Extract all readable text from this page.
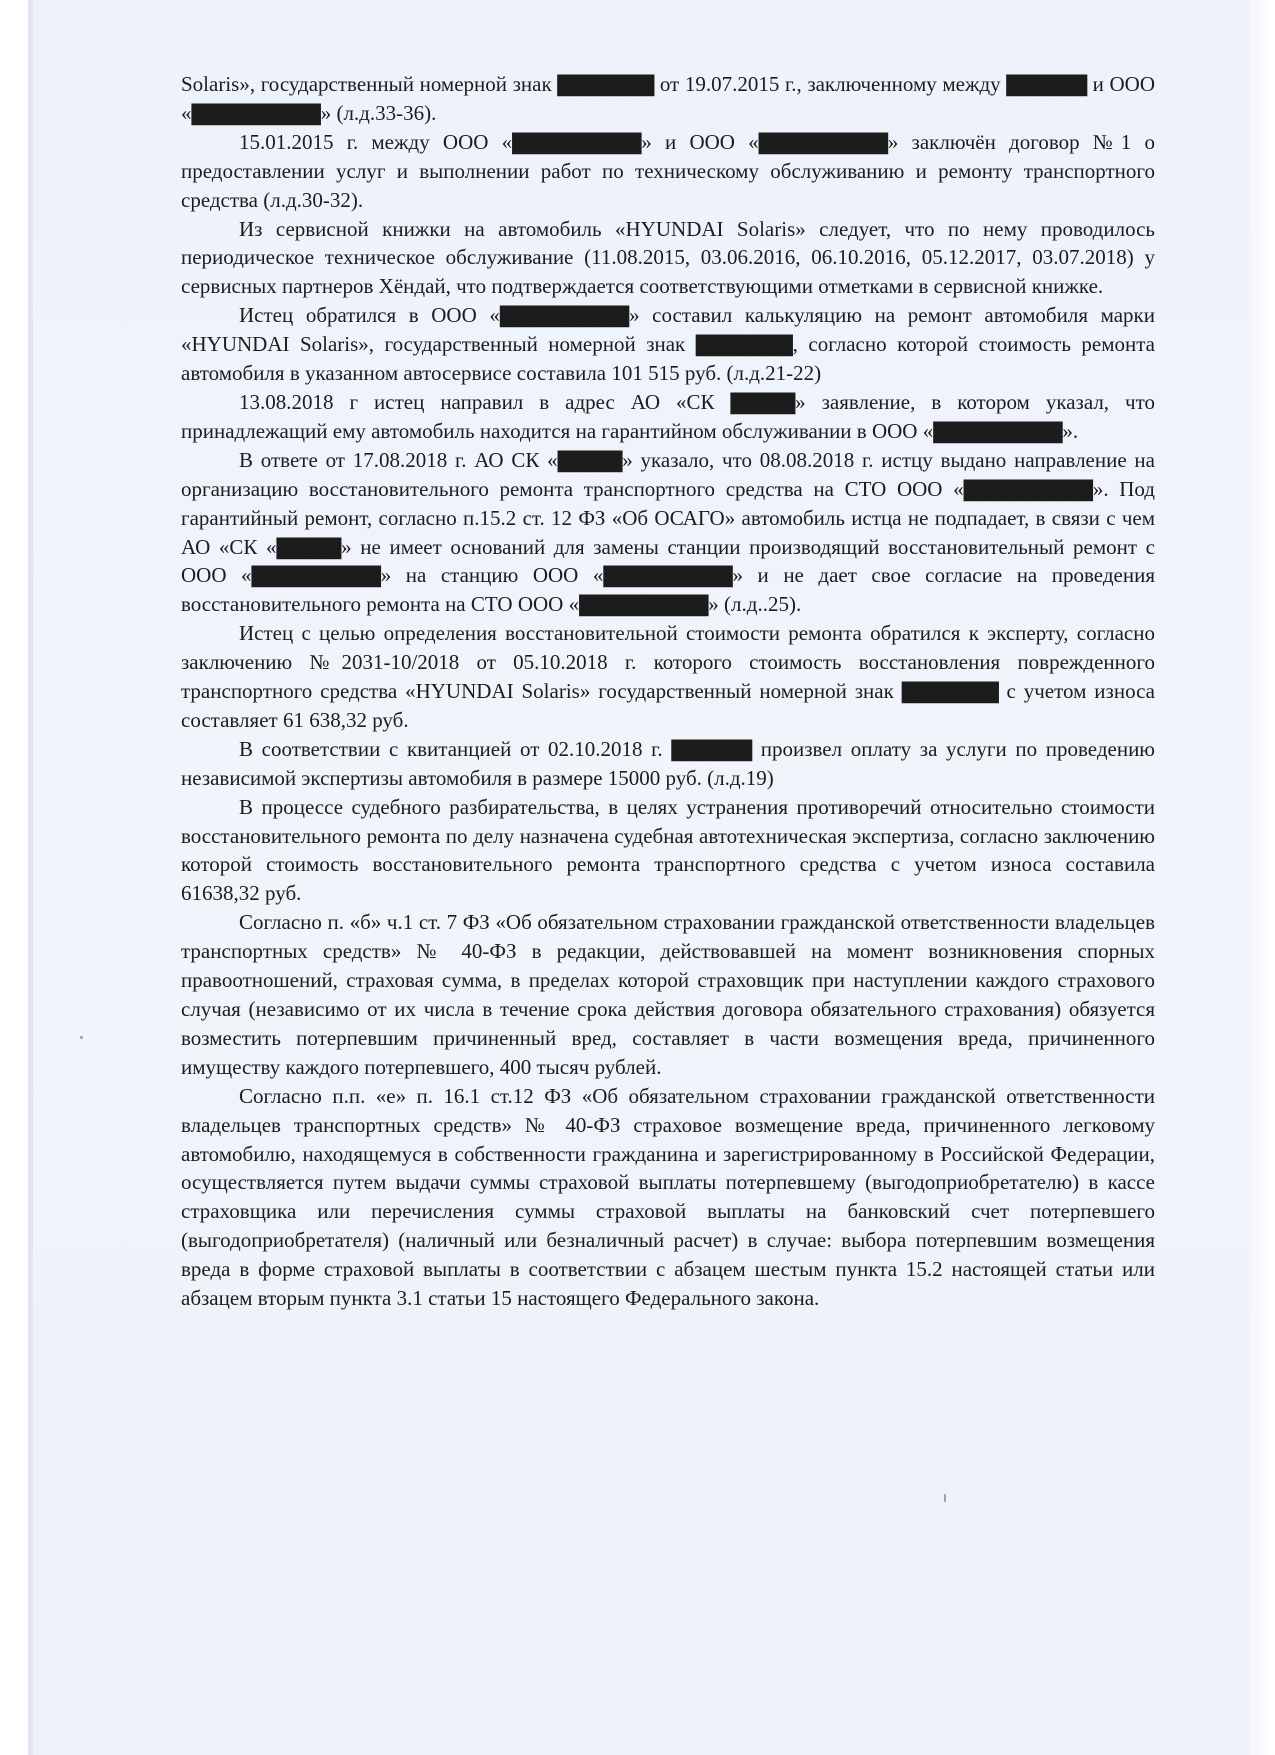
Solaris», государственный номерной знак ▇▇▇▇▇▇ от 19.07.2015 г., заключенному между ▇▇▇▇▇ и ООО «▇▇▇▇▇▇▇▇» (л.д.33-36).

15.01.2015 г. между ООО «▇▇▇▇▇▇▇▇» и ООО «▇▇▇▇▇▇▇▇» заключён договор №1 о предоставлении услуг и выполнении работ по техническому обслуживанию и ремонту транспортного средства (л.д.30-32).

Из сервисной книжки на автомобиль «HYUNDAI Solaris» следует, что по нему проводилось периодическое техническое обслуживание (11.08.2015, 03.06.2016, 06.10.2016, 05.12.2017, 03.07.2018) у сервисных партнеров Хёндай, что подтверждается соответствующими отметками в сервисной книжке.

Истец обратился в ООО «▇▇▇▇▇▇▇▇» составил калькуляцию на ремонт автомобиля марки «HYUNDAI Solaris», государственный номерной знак ▇▇▇▇▇▇, согласно которой стоимость ремонта автомобиля в указанном автосервисе составила 101 515 руб. (л.д.21-22)

13.08.2018 г истец направил в адрес АО «СК ▇▇▇▇» заявление, в котором указал, что принадлежащий ему автомобиль находится на гарантийном обслуживании в ООО «▇▇▇▇▇▇▇▇».

В ответе от 17.08.2018 г. АО СК «▇▇▇▇» указало, что 08.08.2018 г. истцу выдано направление на организацию восстановительного ремонта транспортного средства на СТО ООО «▇▇▇▇▇▇▇▇». Под гарантийный ремонт, согласно п.15.2 ст. 12 ФЗ «Об ОСАГО» автомобиль истца не подпадает, в связи с чем АО «СК «▇▇▇▇» не имеет оснований для замены станции производящий восстановительный ремонт с ООО «▇▇▇▇▇▇▇▇» на станцию ООО «▇▇▇▇▇▇▇▇» и не дает свое согласие на проведения восстановительного ремонта на СТО ООО «▇▇▇▇▇▇▇▇» (л.д..25).

Истец с целью определения восстановительной стоимости ремонта обратился к эксперту, согласно заключению №2031-10/2018 от 05.10.2018 г. которого стоимость восстановления поврежденного транспортного средства «HYUNDAI Solaris» государственный номерной знак ▇▇▇▇▇▇ с учетом износа составляет 61 638,32 руб.

В соответствии с квитанцией от 02.10.2018 г. ▇▇▇▇▇ произвел оплату за услуги по проведению независимой экспертизы автомобиля в размере 15000 руб. (л.д.19)

В процессе судебного разбирательства, в целях устранения противоречий относительно стоимости восстановительного ремонта по делу назначена судебная автотехническая экспертиза, согласно заключению которой стоимость восстановительного ремонта транспортного средства с учетом износа составила 61638,32 руб.

Согласно п. «б» ч.1 ст. 7 ФЗ «Об обязательном страховании гражданской ответственности владельцев транспортных средств» № 40-ФЗ в редакции, действовавшей на момент возникновения спорных правоотношений, страховая сумма, в пределах которой страховщик при наступлении каждого страхового случая (независимо от их числа в течение срока действия договора обязательного страхования) обязуется возместить потерпевшим причиненный вред, составляет в части возмещения вреда, причиненного имуществу каждого потерпевшего, 400 тысяч рублей.

Согласно п.п. «е» п. 16.1 ст.12 ФЗ «Об обязательном страховании гражданской ответственности владельцев транспортных средств» № 40-ФЗ страховое возмещение вреда, причиненного легковому автомобилю, находящемуся в собственности гражданина и зарегистрированному в Российской Федерации, осуществляется путем выдачи суммы страховой выплаты потерпевшему (выгодоприобретателю) в кассе страховщика или перечисления суммы страховой выплаты на банковский счет потерпевшего (выгодоприобретателя) (наличный или безналичный расчет) в случае: выбора потерпевшим возмещения вреда в форме страховой выплаты в соответствии с абзацем шестым пункта 15.2 настоящей статьи или абзацем вторым пункта 3.1 статьи 15 настоящего Федерального закона.
